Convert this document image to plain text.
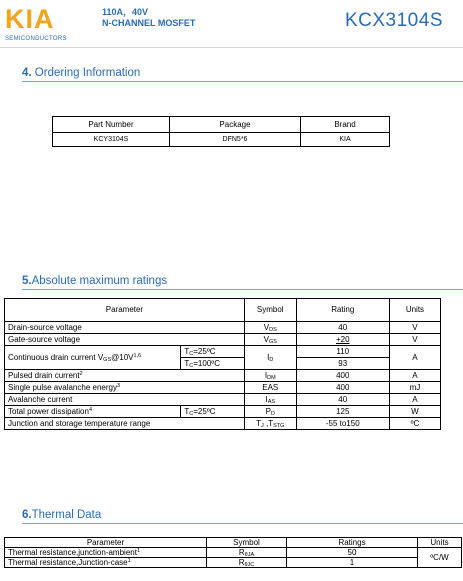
KIA
SEMICONDUCTORS
110A，40V
N-CHANNEL MOSFET	KCX3104S
4. Ordering Information
Part Number	Package	Brand
KCY3104S	DFN5*6	KIA
5.Absolute maximum ratings
Parameter		Symbol	Rating	Units
Drain-source voltage		$V_{DS}$	40	V
Gate-source voltage		$V_{GS}$	+20	V
Continuous drain current $V_{GS}@10V^{1,6}$	$T_C=25ºC$	$I_D$	110	A
	$T_C=100ºC$		93	
Pulsed drain current$^2$		$I_{DM}$	400	A
Single pulse avalanche energy$^3$		EAS	400	mJ
Avalanche current		$I_{AS}$	40	A
Total power dissipation$^4$	$T_C=25ºC$	$P_D$	125	W
Junction and storage temperature range		$T_J$ $,T_{STG}$	-55 to150	ºC
6.Thermal Data
Parameter	Symbol	Ratings	Units
Thermal resistance,junction-ambient$^1$	$R_{\theta JA}$	50	ºC/W
Thermal resistance,Junction-case$^1$	$R_{\theta JC}$	1	
